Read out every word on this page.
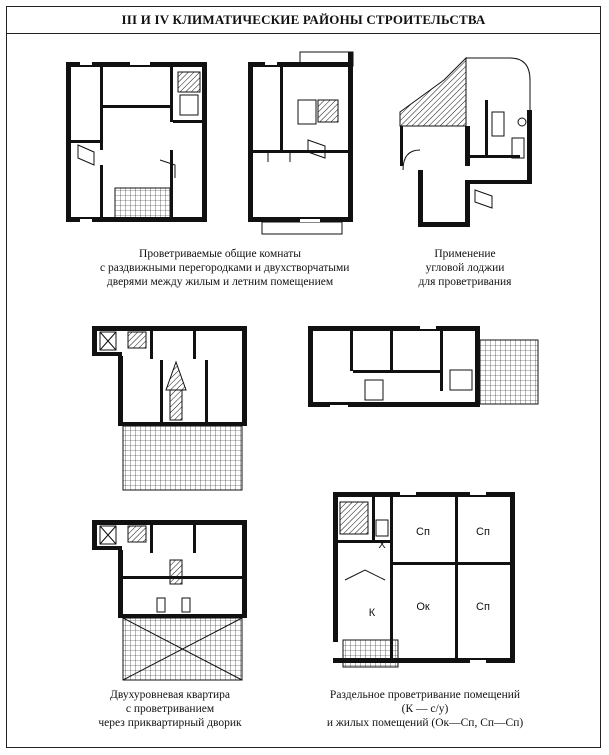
III И IV КЛИМАТИЧЕСКИЕ РАЙОНЫ СТРОИТЕЛЬСТВА
Сп	Сп
Ок	Сп
К
Х
Проветриваемые общие комнаты
с раздвижными перегородками и двухстворчатыми
дверями между жилым и летним помещением
Применение
угловой лоджии
для проветривания
Двухуровневая квартира
с проветриванием
через приквартирный дворик
Раздельное проветривание помещений
(К — с/у)
и жилых помещений (Ок—Сп, Сп—Сп)
